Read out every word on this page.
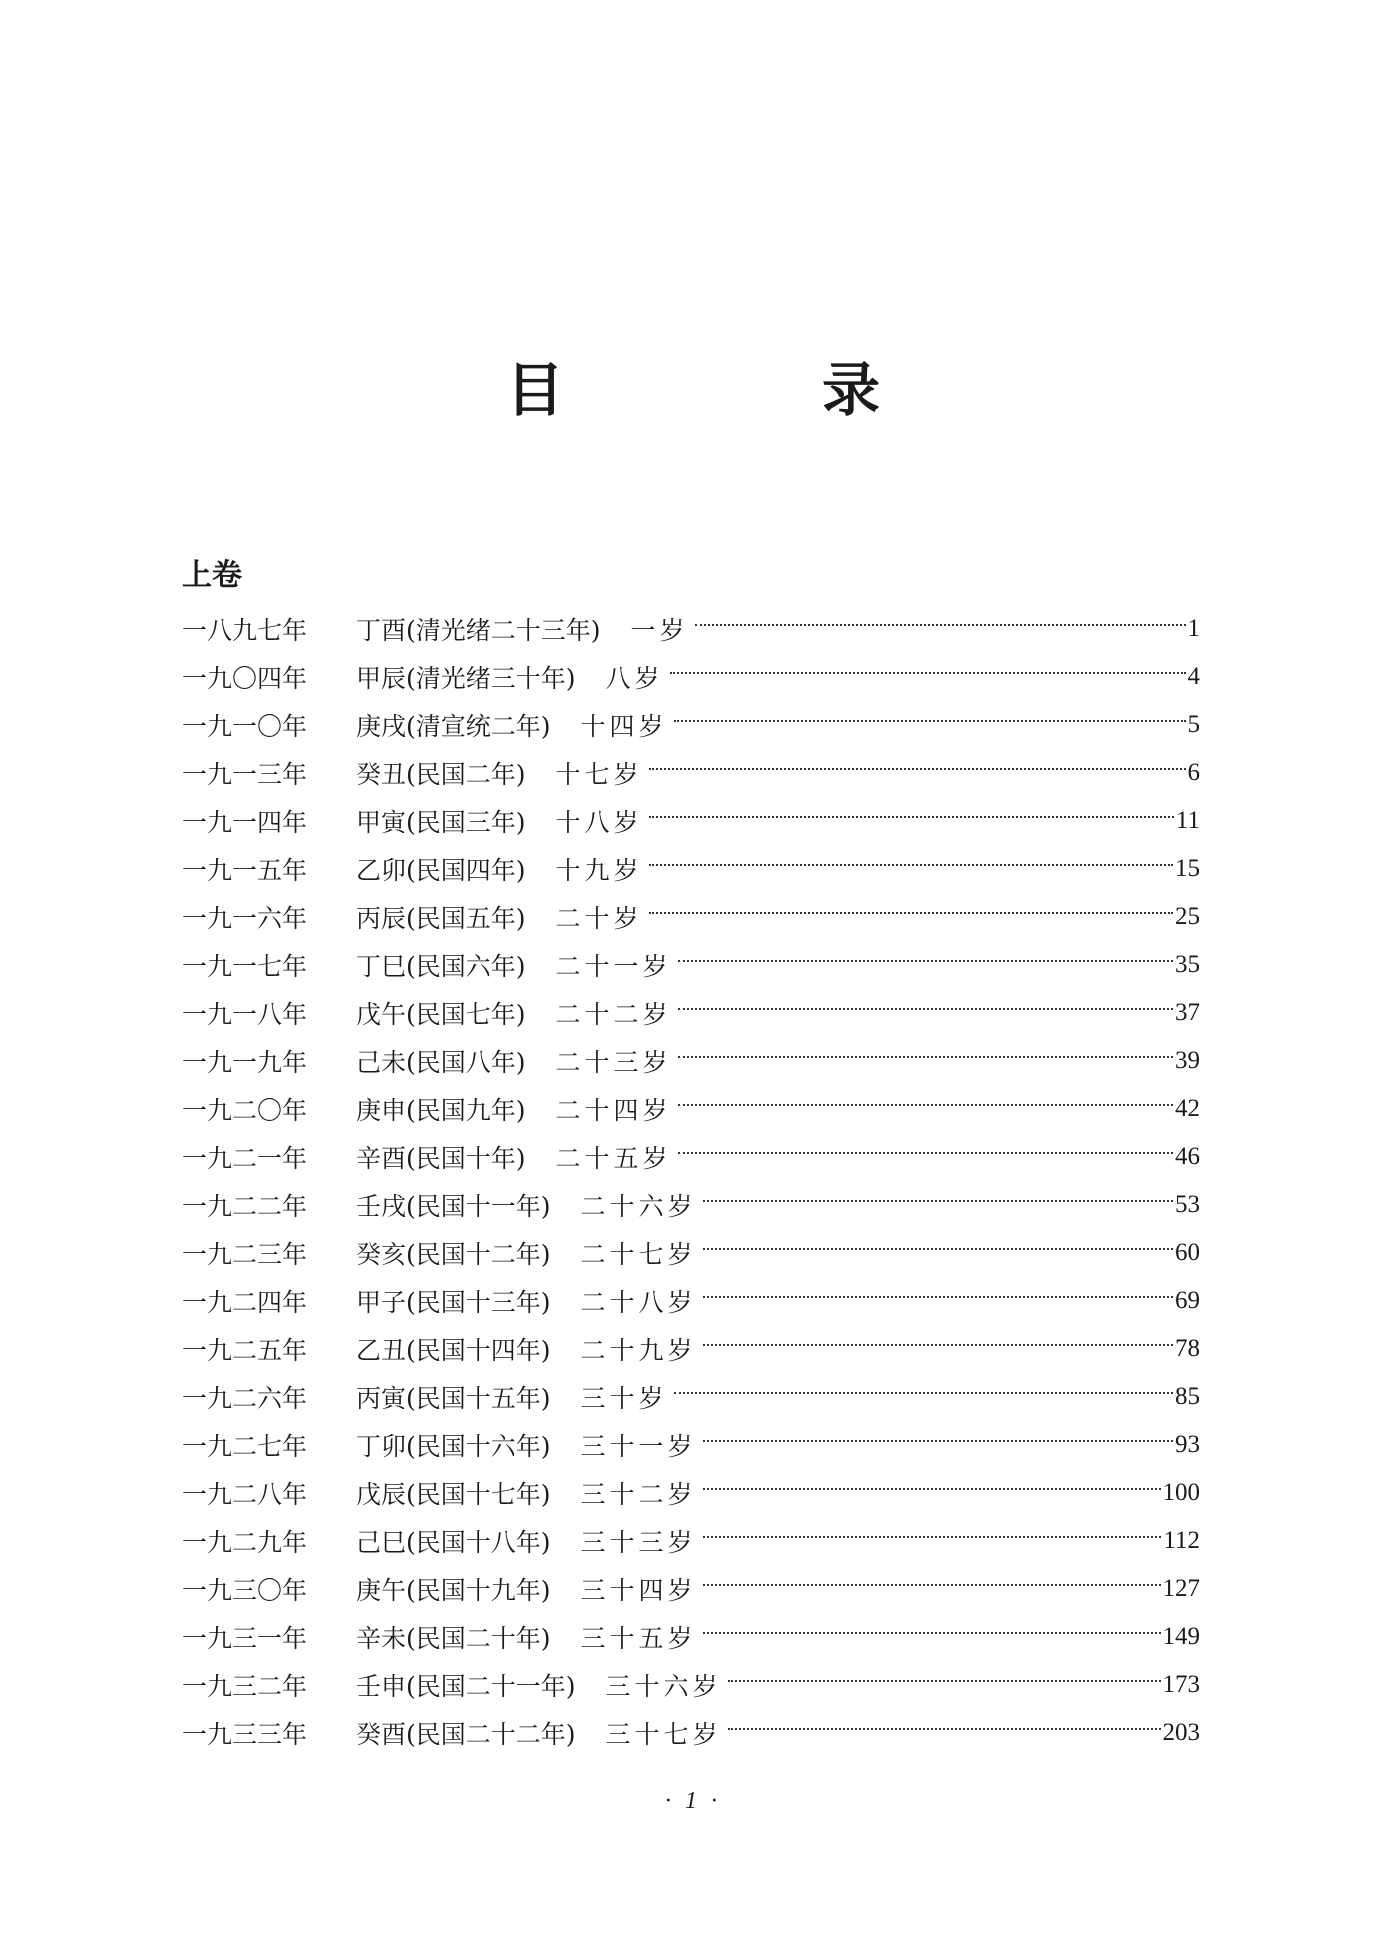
目　录
上卷
一八九七年	丁酉(清光绪二十三年) 一岁	1
一九〇四年	甲辰(清光绪三十年) 八岁	4
一九一〇年	庚戌(清宣统二年) 十四岁	5
一九一三年	癸丑(民国二年) 十七岁	6
一九一四年	甲寅(民国三年) 十八岁	11
一九一五年	乙卯(民国四年) 十九岁	15
一九一六年	丙辰(民国五年) 二十岁	25
一九一七年	丁巳(民国六年) 二十一岁	35
一九一八年	戊午(民国七年) 二十二岁	37
一九一九年	己未(民国八年) 二十三岁	39
一九二〇年	庚申(民国九年) 二十四岁	42
一九二一年	辛酉(民国十年) 二十五岁	46
一九二二年	壬戌(民国十一年) 二十六岁	53
一九二三年	癸亥(民国十二年) 二十七岁	60
一九二四年	甲子(民国十三年) 二十八岁	69
一九二五年	乙丑(民国十四年) 二十九岁	78
一九二六年	丙寅(民国十五年) 三十岁	85
一九二七年	丁卯(民国十六年) 三十一岁	93
一九二八年	戊辰(民国十七年) 三十二岁	100
一九二九年	己巳(民国十八年) 三十三岁	112
一九三〇年	庚午(民国十九年) 三十四岁	127
一九三一年	辛未(民国二十年) 三十五岁	149
一九三二年	壬申(民国二十一年) 三十六岁	173
一九三三年	癸酉(民国二十二年) 三十七岁	203
· 1 ·
